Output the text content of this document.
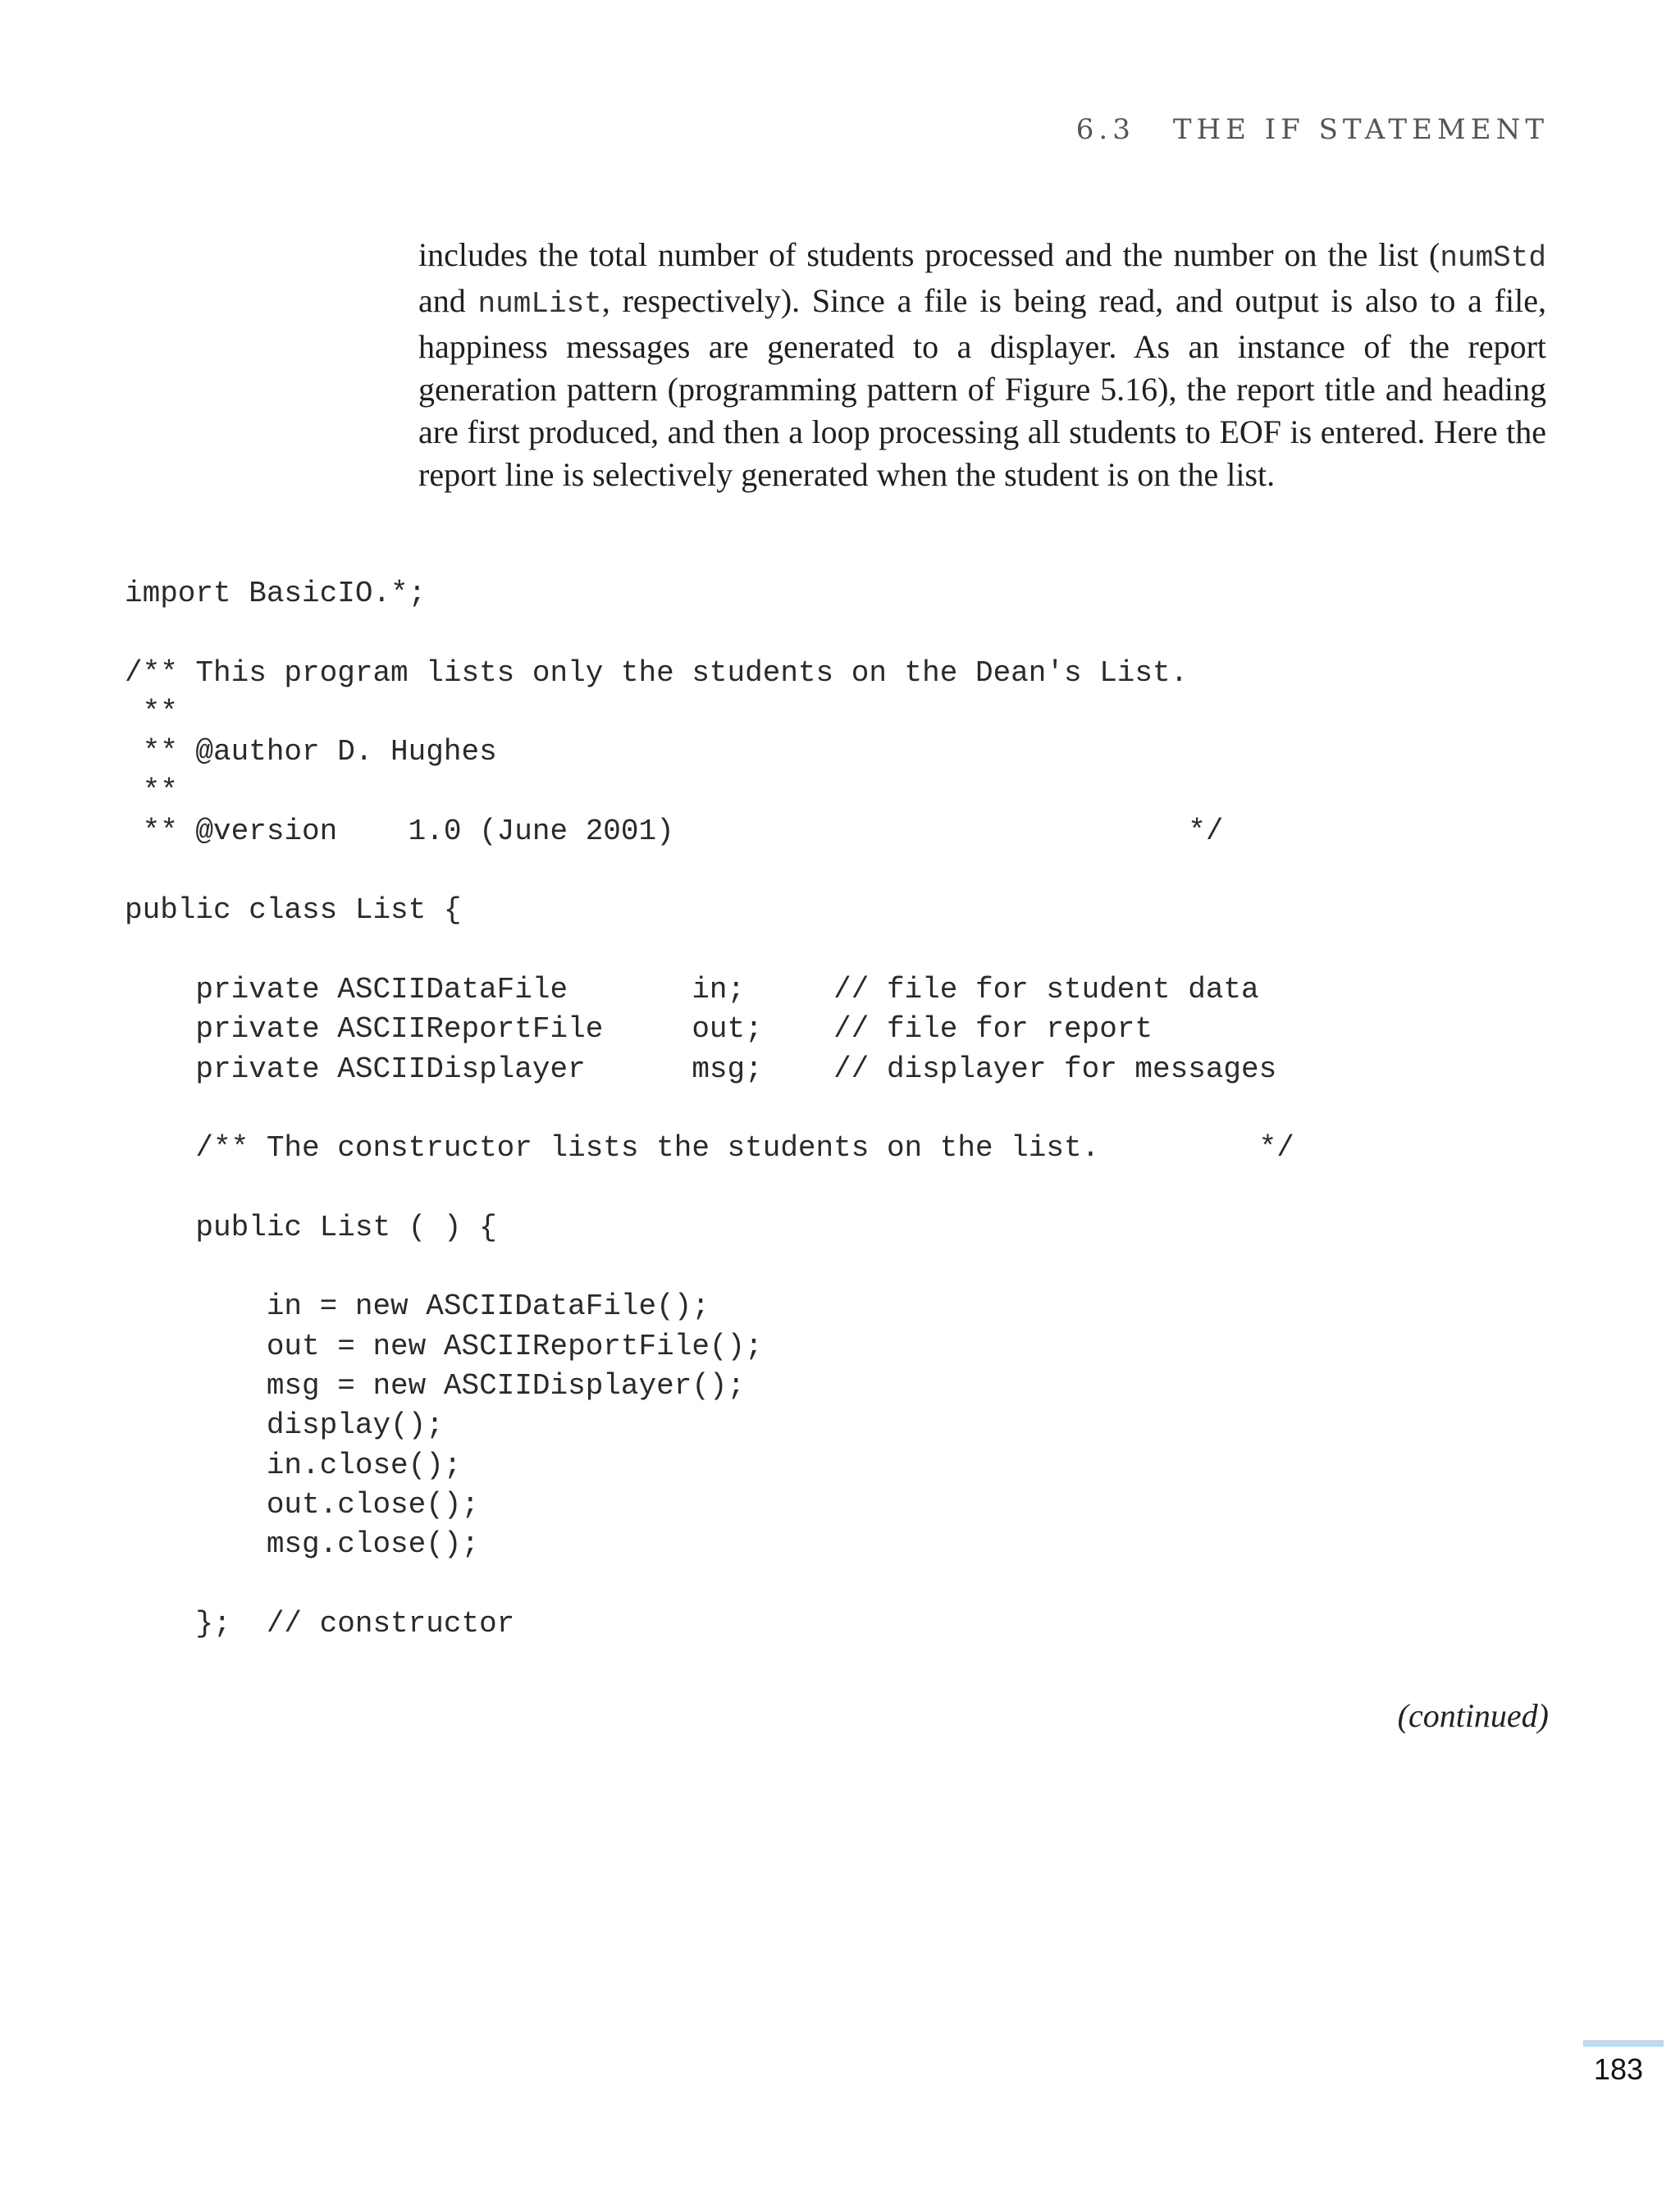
6.3 THE IF STATEMENT

includes the total number of students processed and the number on the list (numStd and numList, respectively). Since a file is being read, and output is also to a file, happiness messages are generated to a displayer. As an instance of the report generation pattern (programming pattern of Figure 5.16), the report title and heading are first produced, and then a loop processing all students to EOF is entered. Here the report line is selectively generated when the student is on the list.

import BasicIO.*;
/** This program lists only the students on the Dean's List.
**
** @author D. Hughes
**
** @version    1.0 (June 2001)                             */
public class List {
private ASCIIDataFile       in;     // file for student data
private ASCIIReportFile     out;    // file for report
private ASCIIDisplayer      msg;    // displayer for messages
/** The constructor lists the students on the list.         */
public List ( ) {
in = new ASCIIDataFile();
out = new ASCIIReportFile();
msg = new ASCIIDisplayer();
display();
in.close();
out.close();
msg.close();
};  // constructor
(continued)
183
